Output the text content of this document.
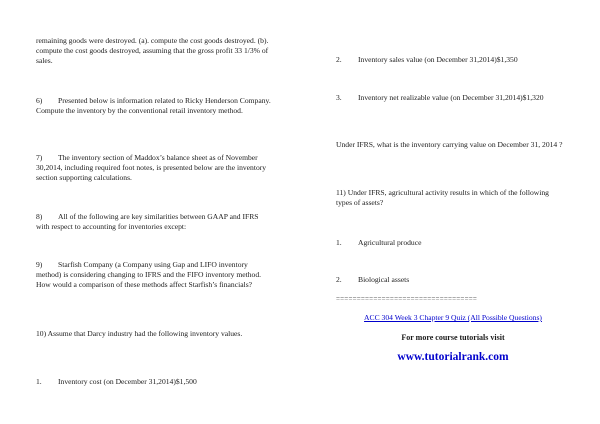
remaining goods were destroyed. (a). compute the cost goods destroyed. (b). compute the cost goods destroyed, assuming that the gross profit 33 1/3% of sales.
6) Presented below is information related to Ricky Henderson Company. Compute the inventory by the conventional retail inventory method.
7) The inventory section of Maddox’s balance sheet as of November 30,2014, including required foot notes, is presented below are the inventory section supporting calculations.
8) All of the following are key similarities between GAAP and IFRS with respect to accounting for inventories except:
9) Starfish Company (a Company using Gap and LIFO inventory method) is considering changing to IFRS and the FIFO inventory method. How would a comparison of these methods affect Starfish’s financials?
10) Assume that Darcy industry had the following inventory values.
1. Inventory cost (on December 31,2014)$1,500
2. Inventory sales value (on December 31,2014)$1,350
3. Inventory net realizable value (on December 31,2014)$1,320
Under IFRS, what is the inventory carrying value on December 31, 2014 ?
11) Under IFRS, agricultural activity results in which of the following types of assets?
1. Agricultural produce
2. Biological assets
==================================
ACC 304 Week 3 Chapter 9 Quiz (All Possible Questions)
For more course tutorials visit
www.tutorialrank.com
